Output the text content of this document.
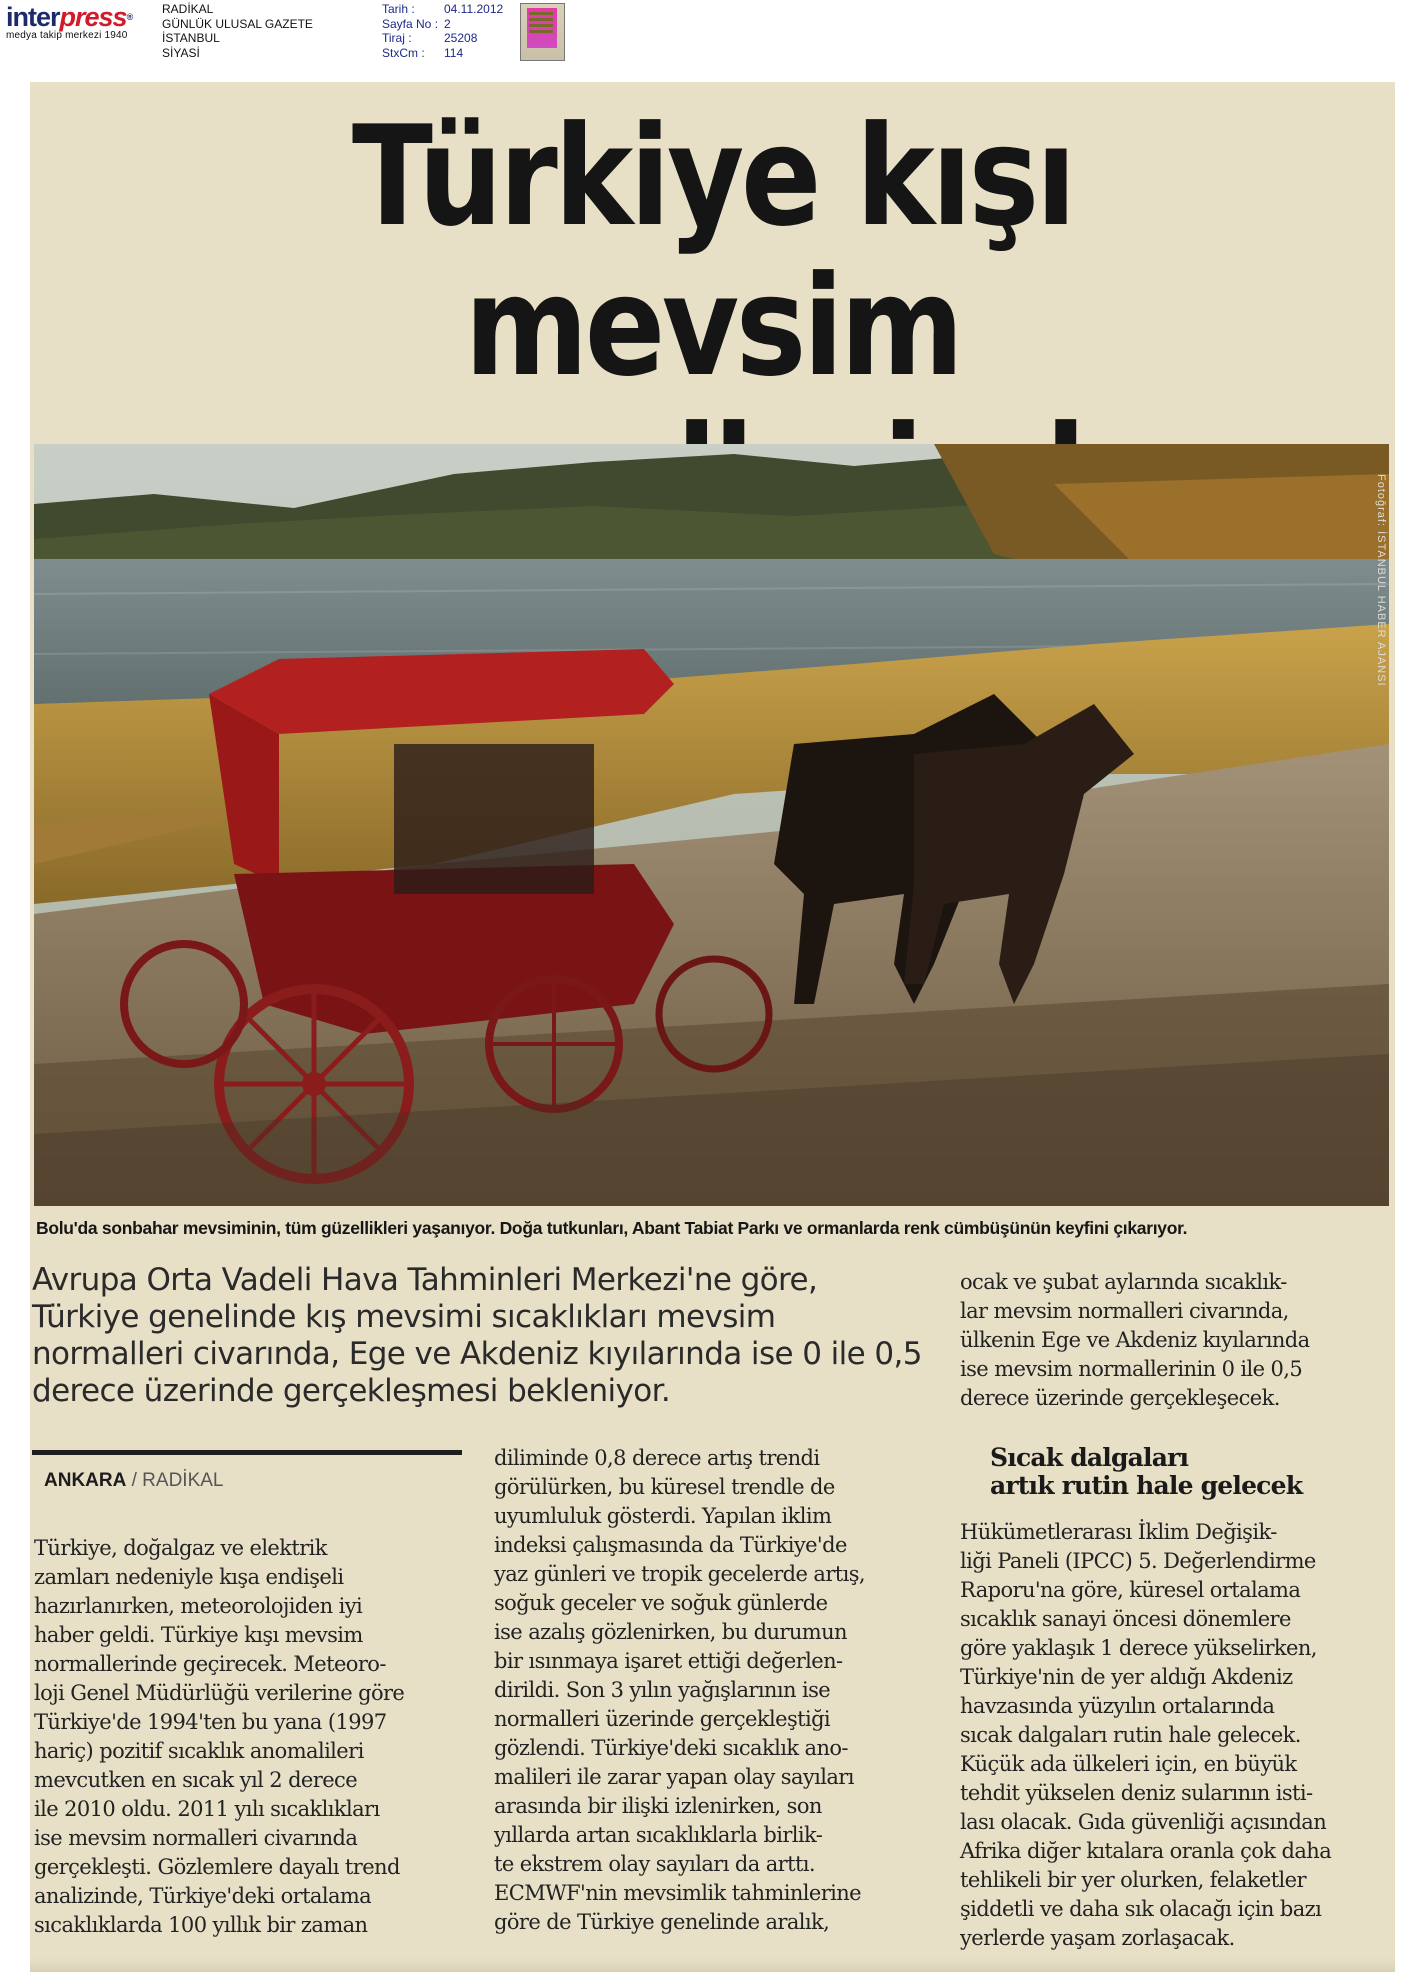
interpress®
medya takip merkezi 1940
RADİKAL
GÜNLÜK ULUSAL GAZETE
İSTANBUL
SİYASİ
Tarih :	04.11.2012
Sayfa No : 2
Tiraj :	25208
StxCm :	114
Türkiye kışı mevsim
Fotoğraf: İSTANBUL HABER AJANSI
Bolu'da sonbahar mevsiminin, tüm güzellikleri yaşanıyor. Doğa tutkunları, Abant Tabiat Parkı ve ormanlarda renk cümbüşünün keyfini çıkarıyor.
Avrupa Orta Vadeli Hava Tahminleri Merkezi'ne göre, Türkiye genelinde kış mevsimi sıcaklıkları mevsim normalleri civarında, Ege ve Akdeniz kıyılarında ise 0 ile 0,5 derece üzerinde gerçekleşmesi bekleniyor.

ocak ve şubat aylarında sıcaklık-
lar mevsim normalleri civarında,
ülkenin Ege ve Akdeniz kıyılarında
ise mevsim normallerinin 0 ile 0,5
derece üzerinde gerçekleşecek.

ANKARA / RADİKAL

Türkiye, doğalgaz ve elektrik
zamları nedeniyle kışa endişeli
hazırlanırken, meteorolojiden iyi
haber geldi. Türkiye kışı mevsim
normallerinde geçirecek. Meteoro-
loji Genel Müdürlüğü verilerine göre
Türkiye'de 1994'ten bu yana (1997
hariç) pozitif sıcaklık anomalileri
mevcutken en sıcak yıl 2 derece
ile 2010 oldu. 2011 yılı sıcaklıkları
ise mevsim normalleri civarında
gerçekleşti. Gözlemlere dayalı trend
analizinde, Türkiye'deki ortalama
sıcaklıklarda 100 yıllık bir zaman

diliminde 0,8 derece artış trendi
görülürken, bu küresel trendle de
uyumluluk gösterdi. Yapılan iklim
indeksi çalışmasında da Türkiye'de
yaz günleri ve tropik gecelerde artış,
soğuk geceler ve soğuk günlerde
ise azalış gözlenirken, bu durumun
bir ısınmaya işaret ettiği değerlen-
dirildi. Son 3 yılın yağışlarının ise
normalleri üzerinde gerçekleştiği
gözlendi. Türkiye'deki sıcaklık ano-
malileri ile zarar yapan olay sayıları
arasında bir ilişki izlenirken, son
yıllarda artan sıcaklıklarla birlik-
te ekstrem olay sayıları da arttı.
ECMWF'nin mevsimlik tahminlerine
göre de Türkiye genelinde aralık,

Sıcak dalgaları
artık rutin hale gelecek

Hükümetlerarası İklim Değişik-
liği Paneli (IPCC) 5. Değerlendirme
Raporu'na göre, küresel ortalama
sıcaklık sanayi öncesi dönemlere
göre yaklaşık 1 derece yükselirken,
Türkiye'nin de yer aldığı Akdeniz
havzasında yüzyılın ortalarında
sıcak dalgaları rutin hale gelecek.
Küçük ada ülkeleri için, en büyük
tehdit yükselen deniz sularının isti-
lası olacak. Gıda güvenliği açısından
Afrika diğer kıtalara oranla çok daha
tehlikeli bir yer olurken, felaketler
şiddetli ve daha sık olacağı için bazı
yerlerde yaşam zorlaşacak.
